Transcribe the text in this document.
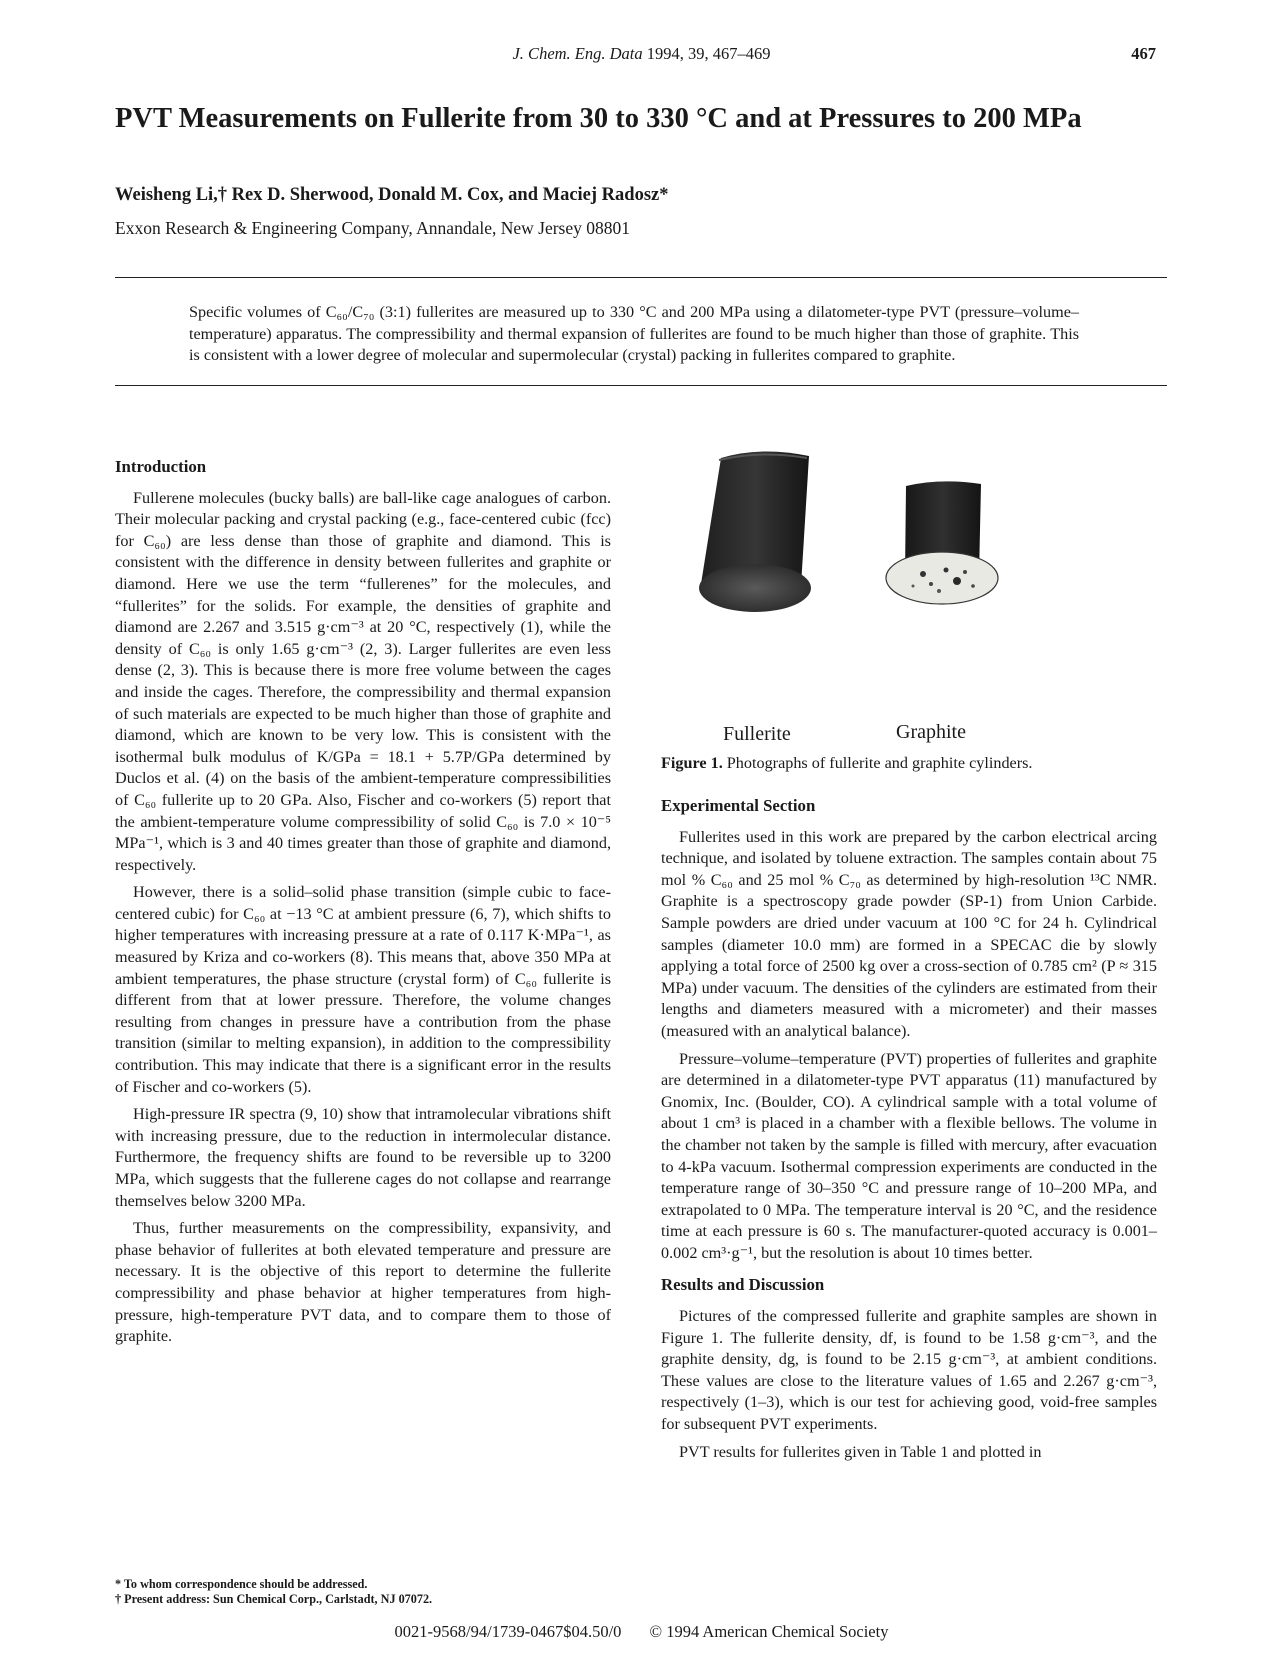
J. Chem. Eng. Data 1994, 39, 467–469	467
PVT Measurements on Fullerite from 30 to 330 °C and at Pressures to 200 MPa
Weisheng Li,† Rex D. Sherwood, Donald M. Cox, and Maciej Radosz*
Exxon Research & Engineering Company, Annandale, New Jersey 08801
Specific volumes of C₆₀/C₇₀ (3:1) fullerites are measured up to 330 °C and 200 MPa using a dilatometer-type PVT (pressure–volume–temperature) apparatus. The compressibility and thermal expansion of fullerites are found to be much higher than those of graphite. This is consistent with a lower degree of molecular and supermolecular (crystal) packing in fullerites compared to graphite.
Introduction

Fullerene molecules (bucky balls) are ball-like cage analogues of carbon. Their molecular packing and crystal packing (e.g., face-centered cubic (fcc) for C₆₀) are less dense than those of graphite and diamond. This is consistent with the difference in density between fullerites and graphite or diamond. Here we use the term “fullerenes” for the molecules, and “fullerites” for the solids. For example, the densities of graphite and diamond are 2.267 and 3.515 g·cm⁻³ at 20 °C, respectively (1), while the density of C₆₀ is only 1.65 g·cm⁻³ (2, 3). Larger fullerites are even less dense (2, 3). This is because there is more free volume between the cages and inside the cages. Therefore, the compressibility and thermal expansion of such materials are expected to be much higher than those of graphite and diamond, which are known to be very low. This is consistent with the isothermal bulk modulus of K/GPa = 18.1 + 5.7P/GPa determined by Duclos et al. (4) on the basis of the ambient-temperature compressibilities of C₆₀ fullerite up to 20 GPa. Also, Fischer and co-workers (5) report that the ambient-temperature volume compressibility of solid C₆₀ is 7.0 × 10⁻⁵ MPa⁻¹, which is 3 and 40 times greater than those of graphite and diamond, respectively.

However, there is a solid–solid phase transition (simple cubic to face-centered cubic) for C₆₀ at −13 °C at ambient pressure (6, 7), which shifts to higher temperatures with increasing pressure at a rate of 0.117 K·MPa⁻¹, as measured by Kriza and co-workers (8). This means that, above 350 MPa at ambient temperatures, the phase structure (crystal form) of C₆₀ fullerite is different from that at lower pressure. Therefore, the volume changes resulting from changes in pressure have a contribution from the phase transition (similar to melting expansion), in addition to the compressibility contribution. This may indicate that there is a significant error in the results of Fischer and co-workers (5).

High-pressure IR spectra (9, 10) show that intramolecular vibrations shift with increasing pressure, due to the reduction in intermolecular distance. Furthermore, the frequency shifts are found to be reversible up to 3200 MPa, which suggests that the fullerene cages do not collapse and rearrange themselves below 3200 MPa.

Thus, further measurements on the compressibility, expansivity, and phase behavior of fullerites at both elevated temperature and pressure are necessary. It is the objective of this report to determine the fullerite compressibility and phase behavior at higher temperatures from high-pressure, high-temperature PVT data, and to compare them to those of graphite.

Fullerite	Graphite
Figure 1. Photographs of fullerite and graphite cylinders.
Experimental Section

Fullerites used in this work are prepared by the carbon electrical arcing technique, and isolated by toluene extraction. The samples contain about 75 mol % C₆₀ and 25 mol % C₇₀ as determined by high-resolution ¹³C NMR. Graphite is a spectroscopy grade powder (SP-1) from Union Carbide. Sample powders are dried under vacuum at 100 °C for 24 h. Cylindrical samples (diameter 10.0 mm) are formed in a SPECAC die by slowly applying a total force of 2500 kg over a cross-section of 0.785 cm² (P ≈ 315 MPa) under vacuum. The densities of the cylinders are estimated from their lengths and diameters measured with a micrometer) and their masses (measured with an analytical balance).

Pressure–volume–temperature (PVT) properties of fullerites and graphite are determined in a dilatometer-type PVT apparatus (11) manufactured by Gnomix, Inc. (Boulder, CO). A cylindrical sample with a total volume of about 1 cm³ is placed in a chamber with a flexible bellows. The volume in the chamber not taken by the sample is filled with mercury, after evacuation to 4-kPa vacuum. Isothermal compression experiments are conducted in the temperature range of 30–350 °C and pressure range of 10–200 MPa, and extrapolated to 0 MPa. The temperature interval is 20 °C, and the residence time at each pressure is 60 s. The manufacturer-quoted accuracy is 0.001–0.002 cm³·g⁻¹, but the resolution is about 10 times better.

Results and Discussion

Pictures of the compressed fullerite and graphite samples are shown in Figure 1. The fullerite density, df, is found to be 1.58 g·cm⁻³, and the graphite density, dg, is found to be 2.15 g·cm⁻³, at ambient conditions. These values are close to the literature values of 1.65 and 2.267 g·cm⁻³, respectively (1–3), which is our test for achieving good, void-free samples for subsequent PVT experiments.

PVT results for fullerites given in Table 1 and plotted in

* To whom correspondence should be addressed.
† Present address: Sun Chemical Corp., Carlstadt, NJ 07072.
0021-9568/94/1739-0467$04.50/0 © 1994 American Chemical Society
